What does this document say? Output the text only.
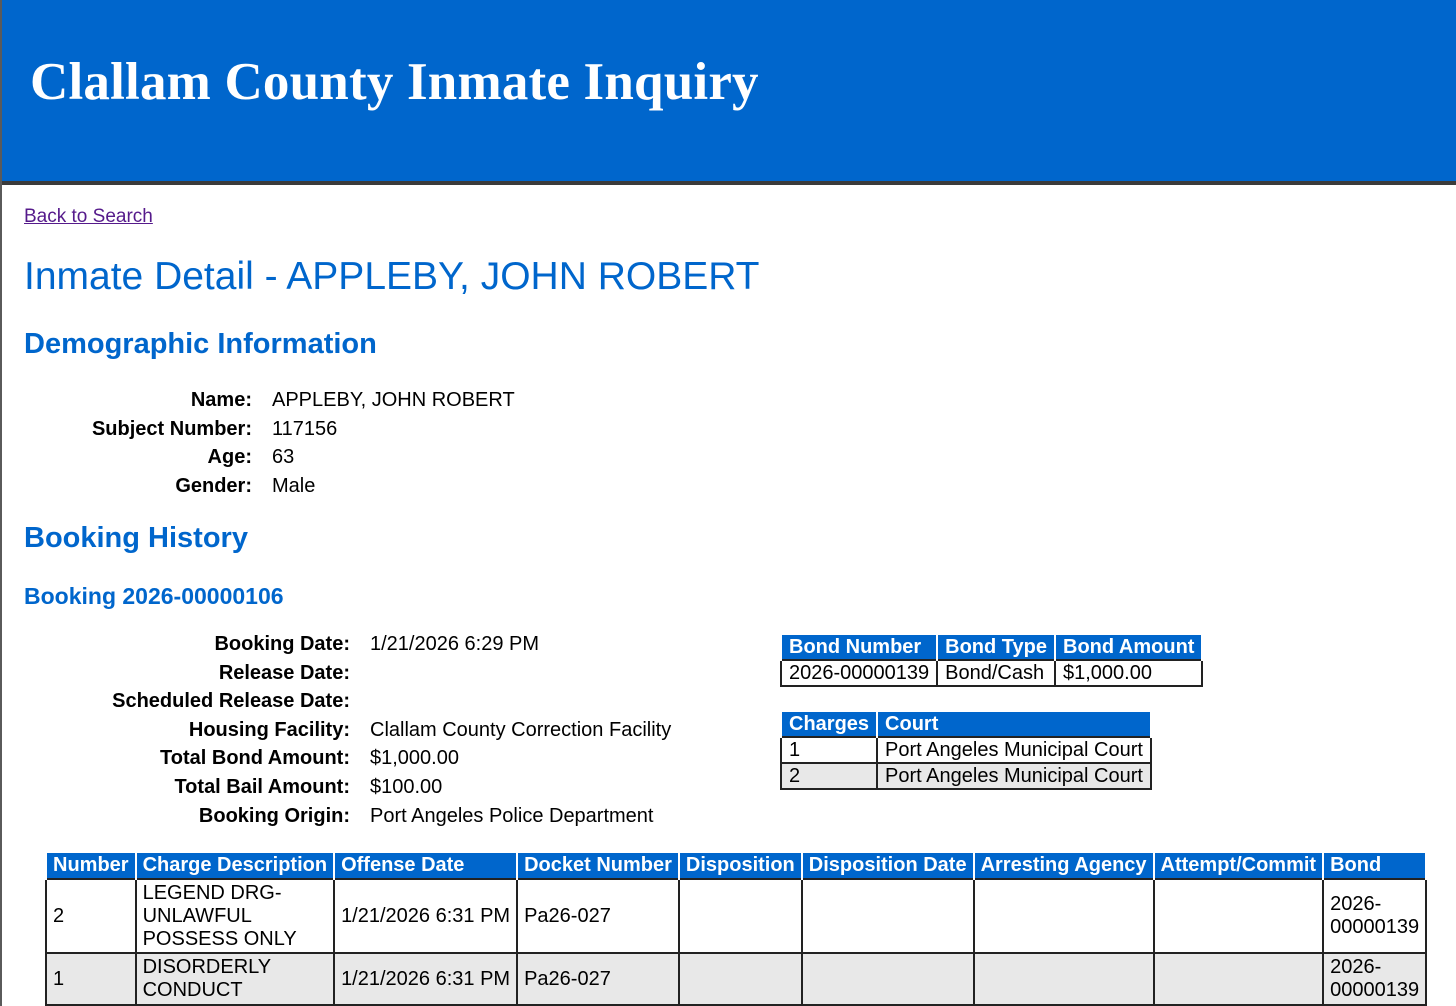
Clallam County Inmate Inquiry
Back to Search
Inmate Detail - APPLEBY, JOHN ROBERT
Demographic Information
Name:	APPLEBY, JOHN ROBERT
Subject Number:	117156
Age:	63
Gender:	Male
Booking History
Booking 2026-00000106
Booking Date:	1/21/2026 6:29 PM
Release Date:
Scheduled Release Date:
Housing Facility:	Clallam County Correction Facility
Total Bond Amount:	$1,000.00
Total Bail Amount:	$100.00
Booking Origin:	Port Angeles Police Department
Bond Number	Bond Type	Bond Amount
2026-00000139	Bond/Cash	$1,000.00
Charges	Court
1	Port Angeles Municipal Court
2	Port Angeles Municipal Court
Number	Charge Description	Offense Date	Docket Number	Disposition	Disposition Date	Arresting Agency	Attempt/Commit	Bond
2	LEGEND DRG-
UNLAWFUL
POSSESS ONLY	1/21/2026 6:31 PM	Pa26-027					2026-
00000139
1	DISORDERLY
CONDUCT	1/21/2026 6:31 PM	Pa26-027					2026-
00000139
